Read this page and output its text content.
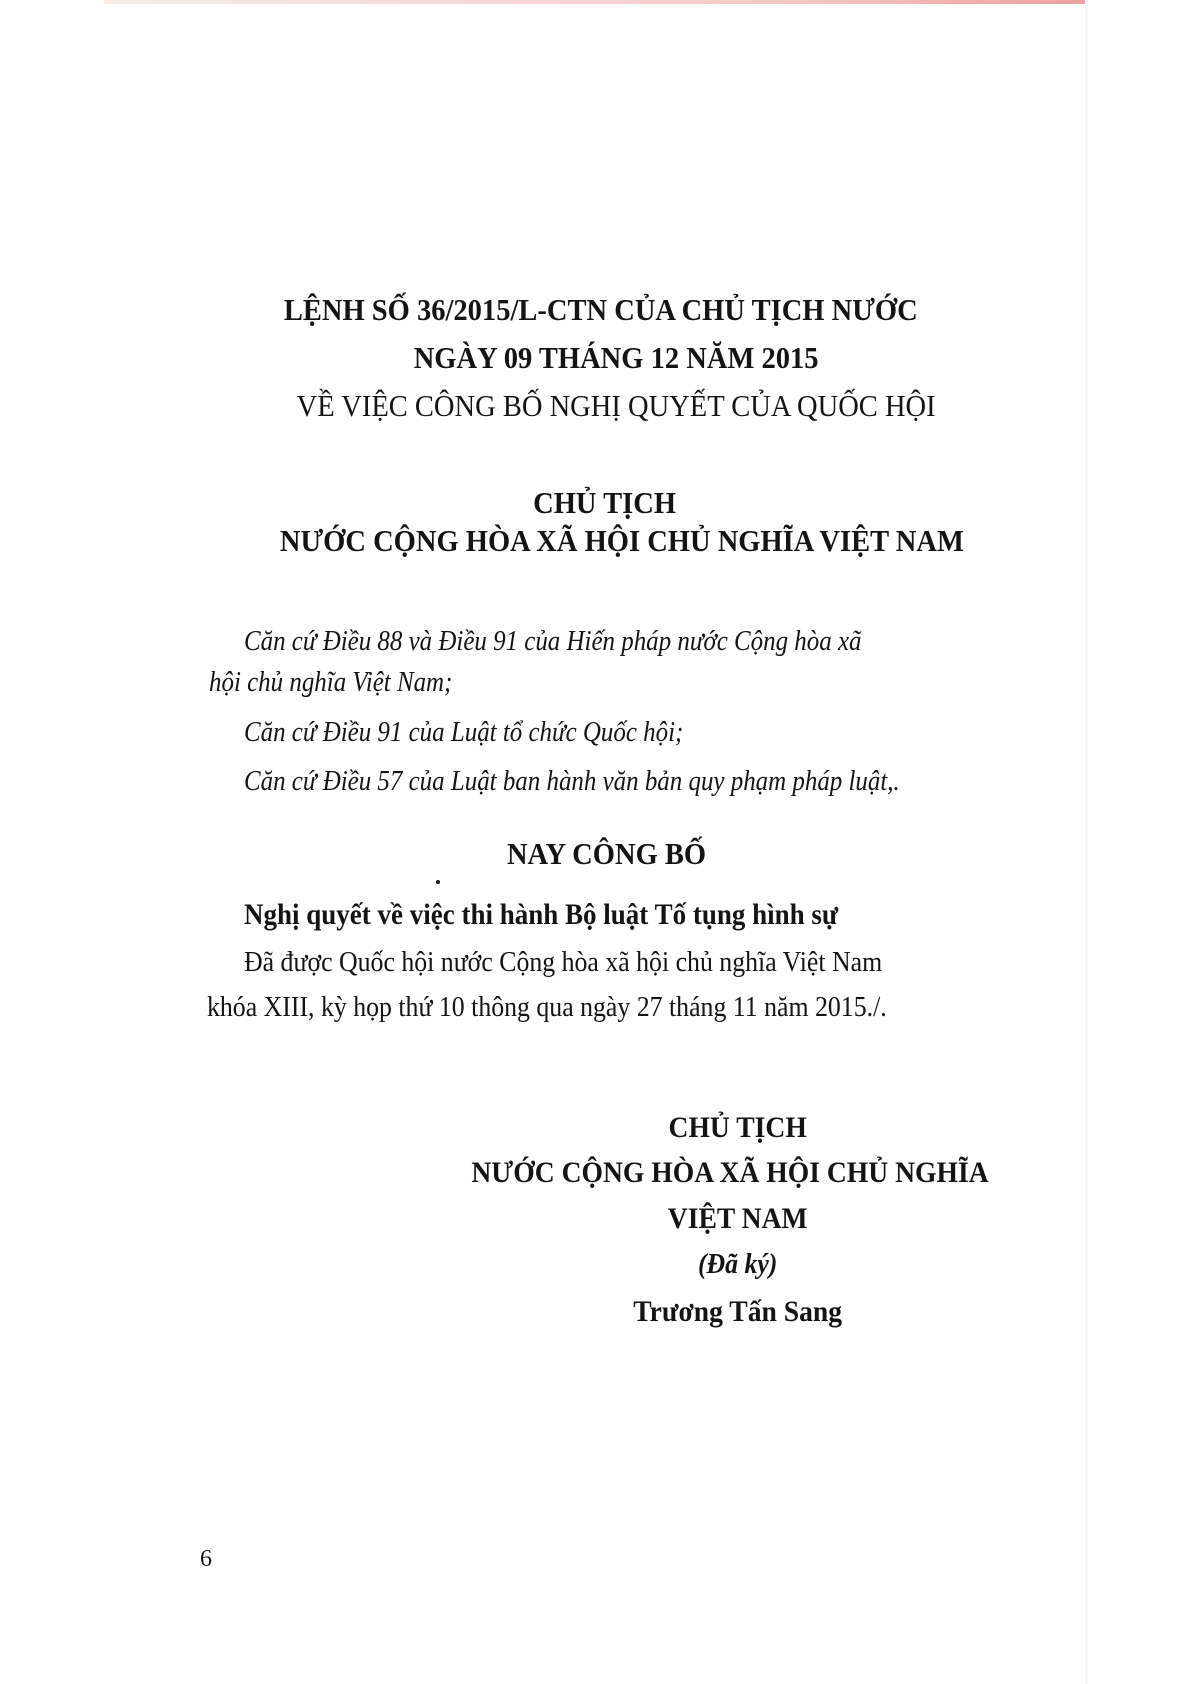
LỆNH SỐ 36/2015/L-CTN CỦA CHỦ TỊCH NƯỚC
NGÀY 09 THÁNG 12 NĂM 2015
VỀ VIỆC CÔNG BỐ NGHỊ QUYẾT CỦA QUỐC HỘI
CHỦ TỊCH
NƯỚC CỘNG HÒA XÃ HỘI CHỦ NGHĨA VIỆT NAM
Căn cứ Điều 88 và Điều 91 của Hiến pháp nước Cộng hòa xã
hội chủ nghĩa Việt Nam;
Căn cứ Điều 91 của Luật tổ chức Quốc hội;
Căn cứ Điều 57 của Luật ban hành văn bản quy phạm pháp luật,.
NAY CÔNG BỐ
Nghị quyết về việc thi hành Bộ luật Tố tụng hình sự
Đã được Quốc hội nước Cộng hòa xã hội chủ nghĩa Việt Nam
khóa XIII, kỳ họp thứ 10 thông qua ngày 27 tháng 11 năm 2015./.
CHỦ TỊCH
NƯỚC CỘNG HÒA XÃ HỘI CHỦ NGHĨA
VIỆT NAM
(Đã ký)
Trương Tấn Sang
6
